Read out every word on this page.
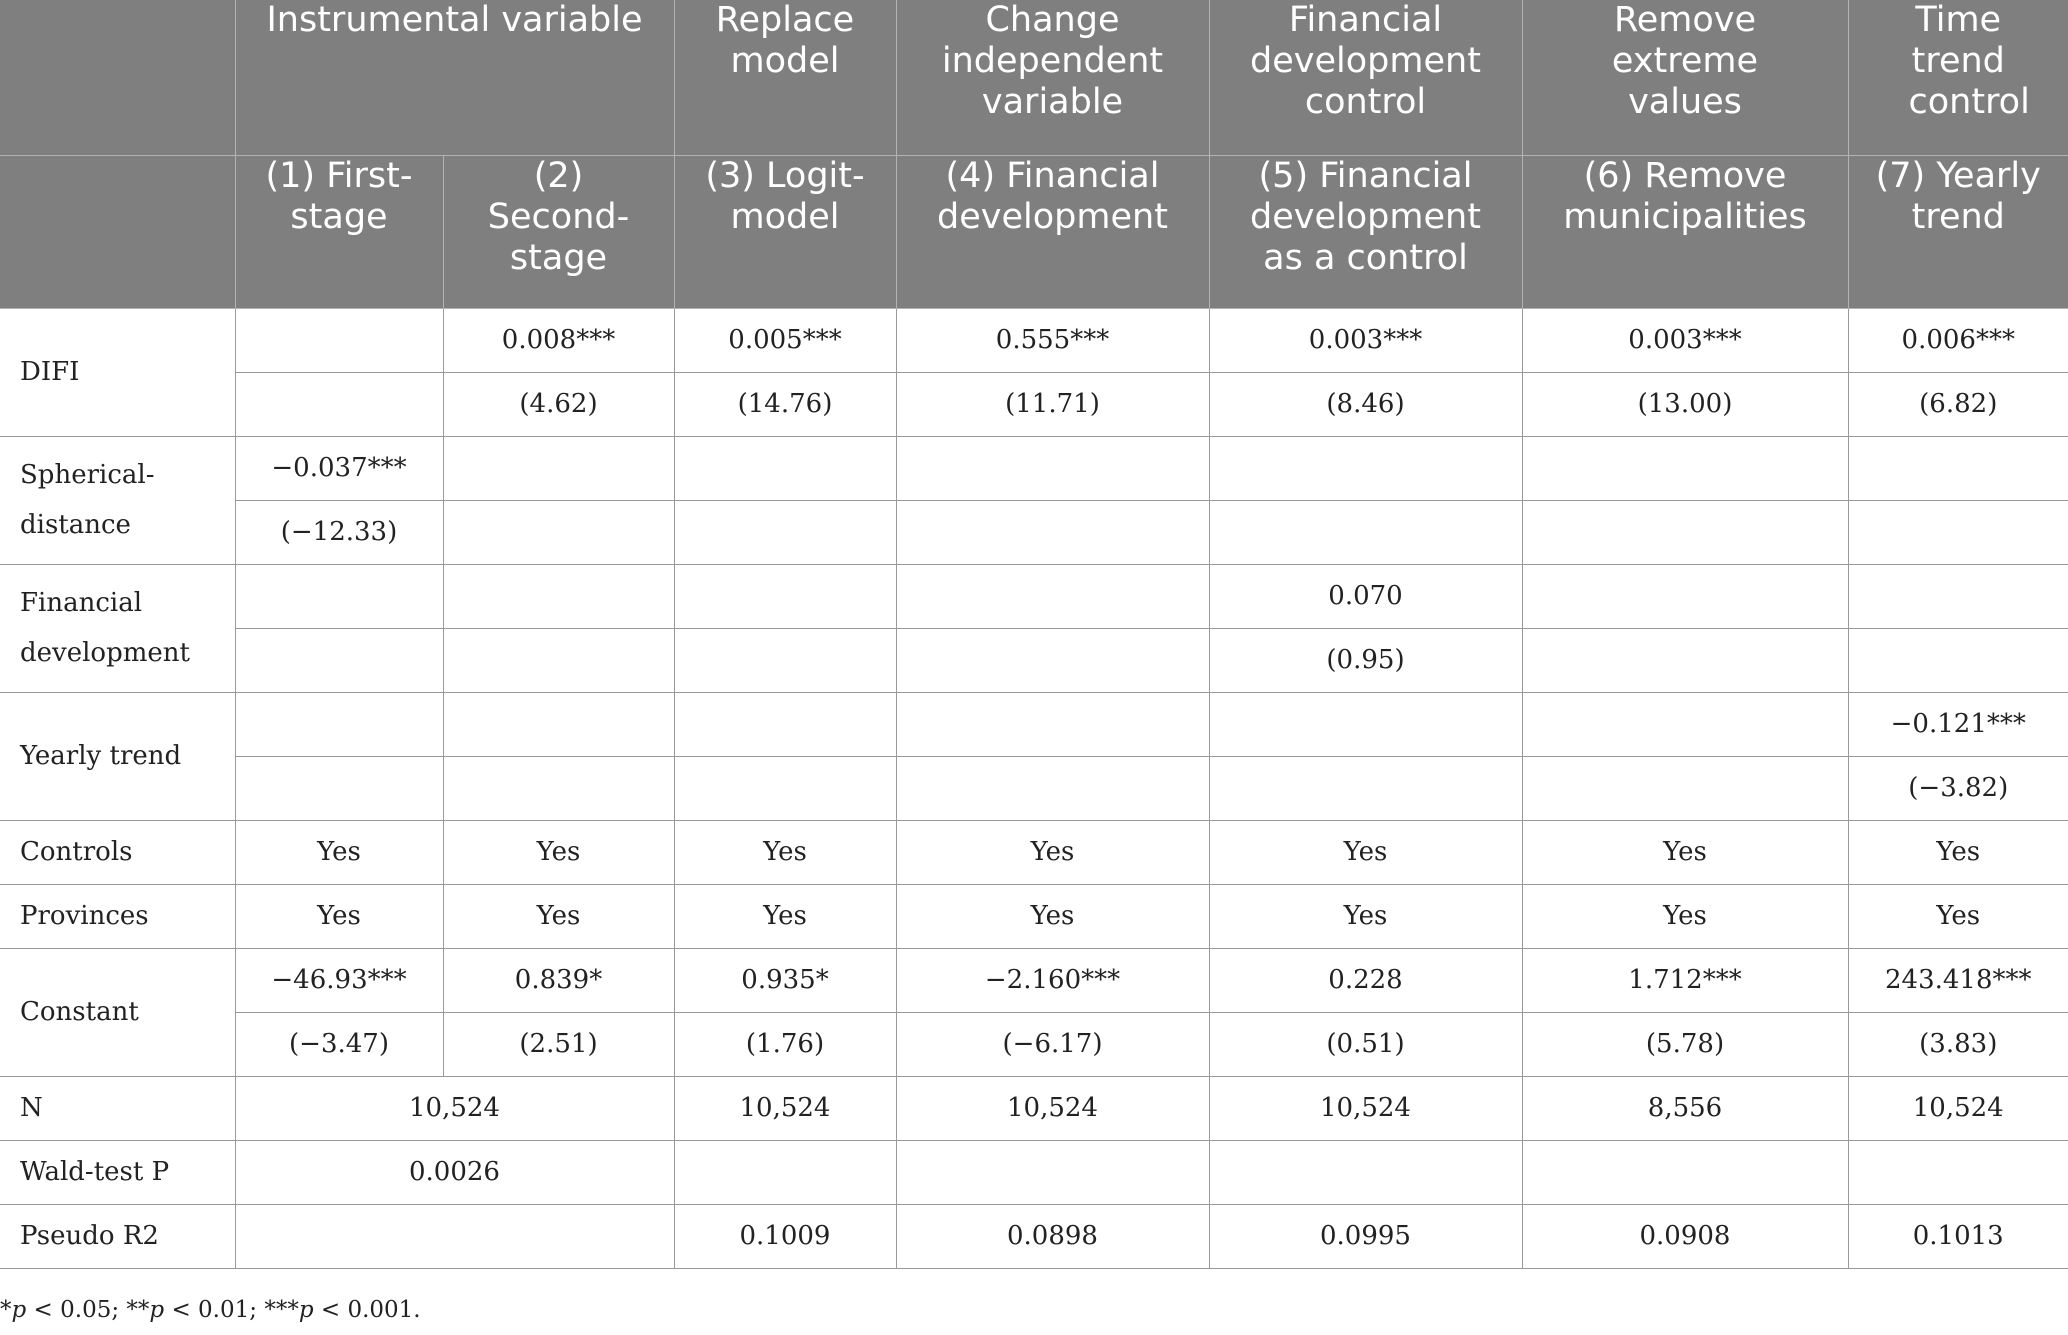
	Instrumental variable		Replace model	Change independent variable	Financial development control	Remove extreme values	Time trend control

	(1) First-stage	(2) Second-stage	(3) Logit-model	(4) Financial development	(5) Financial development as a control	(6) Remove municipalities	(7) Yearly trend

DIFI		0.008***	0.005***	0.555***	0.003***	0.003***	0.006***
		(4.62)	(14.76)	(11.71)	(8.46)	(13.00)	(6.82)
Spherical-distance	−0.037***						
	(−12.33)						
Financial development					0.070		
					(0.95)		
Yearly trend							−0.121***
							(−3.82)
Controls	Yes	Yes	Yes	Yes	Yes	Yes	Yes
Provinces	Yes	Yes	Yes	Yes	Yes	Yes	Yes
Constant	−46.93***	0.839*	0.935*	−2.160***	0.228	1.712***	243.418***
	(−3.47)	(2.51)	(1.76)	(−6.17)	(0.51)	(5.78)	(3.83)
N	10,524		10,524	10,524	10,524	8,556	10,524
Wald-test P	0.0026						
Pseudo R2			0.1009	0.0898	0.0995	0.0908	0.1013
*p < 0.05; **p < 0.01; ***p < 0.001.
